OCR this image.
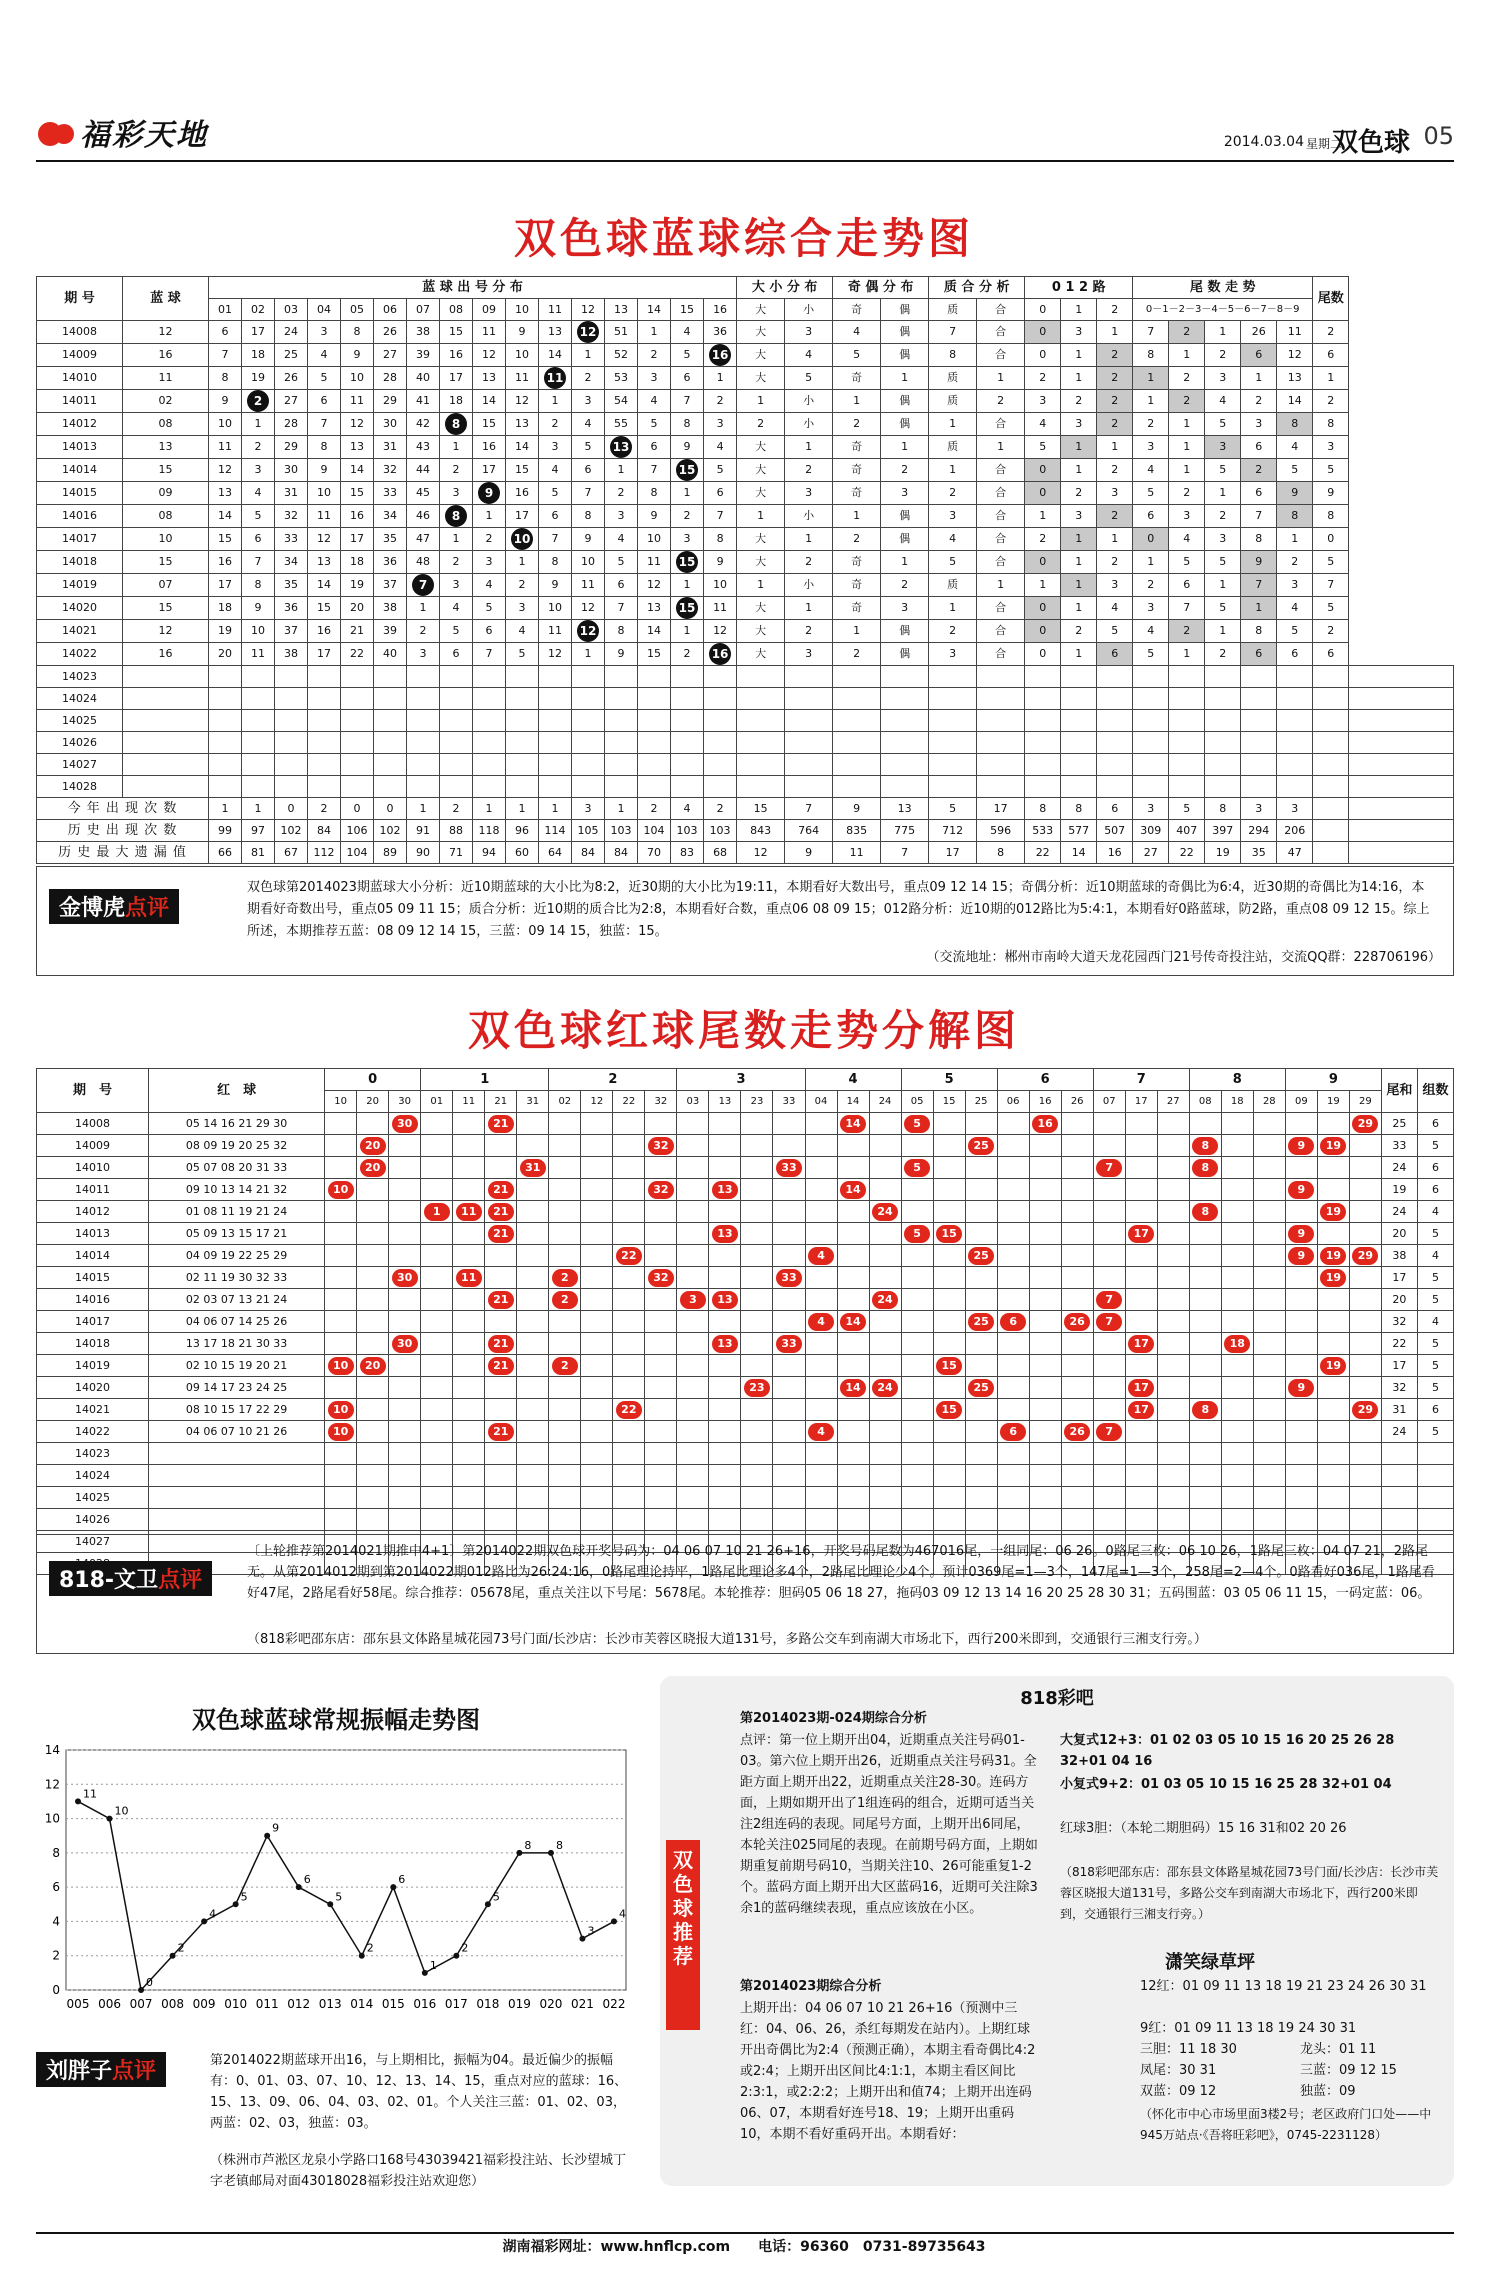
福彩天地	2014.03.04 星期二
双色球 05
双色球蓝球综合走势图
期 号	蓝 球	蓝 球 出 号 分 布																大 小 分 布		奇 偶 分 布		质 合 分 析		0 1 2 路			尾 数 走 势					尾数	
		01	02	03	04	05	06	07	08	09	10	11	12	13	14	15	16	大	小	奇	偶	质	合	0	1	2	0－1－2－3－4－5－6－7－8－9						
14008	12	6	17	24	3	8	26	38	15	11	9	13	12	51	1	4	36	大	3	4	偶	7	合	0	3	1	7	2	1	26	11	2	
14009	16	7	18	25	4	9	27	39	16	12	10	14	1	52	2	5	16	大	4	5	偶	8	合	0	1	2	8	1	2	6	12	6	
14010	11	8	19	26	5	10	28	40	17	13	11	11	2	53	3	6	1	大	5	奇	1	质	1	2	1	2	1	2	3	1	13	1	
14011	02	9	2	27	6	11	29	41	18	14	12	1	3	54	4	7	2	1	小	1	偶	质	2	3	2	2	1	2	4	2	14	2	
14012	08	10	1	28	7	12	30	42	8	15	13	2	4	55	5	8	3	2	小	2	偶	1	合	4	3	2	2	1	5	3	8	8	
14013	13	11	2	29	8	13	31	43	1	16	14	3	5	13	6	9	4	大	1	奇	1	质	1	5	1	1	3	1	3	6	4	3	
14014	15	12	3	30	9	14	32	44	2	17	15	4	6	1	7	15	5	大	2	奇	2	1	合	0	1	2	4	1	5	2	5	5	
14015	09	13	4	31	10	15	33	45	3	9	16	5	7	2	8	1	6	大	3	奇	3	2	合	0	2	3	5	2	1	6	9	9	
14016	08	14	5	32	11	16	34	46	8	1	17	6	8	3	9	2	7	1	小	1	偶	3	合	1	3	2	6	3	2	7	8	8	
14017	10	15	6	33	12	17	35	47	1	2	10	7	9	4	10	3	8	大	1	2	偶	4	合	2	1	1	0	4	3	8	1	0	
14018	15	16	7	34	13	18	36	48	2	3	1	8	10	5	11	15	9	大	2	奇	1	5	合	0	1	2	1	5	5	9	2	5	
14019	07	17	8	35	14	19	37	7	3	4	2	9	11	6	12	1	10	1	小	奇	2	质	1	1	1	3	2	6	1	7	3	7	
14020	15	18	9	36	15	20	38	1	4	5	3	10	12	7	13	15	11	大	1	奇	3	1	合	0	1	4	3	7	5	1	4	5	
14021	12	19	10	37	16	21	39	2	5	6	4	11	12	8	14	1	12	大	2	1	偶	2	合	0	2	5	4	2	1	8	5	2	
14022	16	20	11	38	17	22	40	3	6	7	5	12	1	9	15	2	16	大	3	2	偶	3	合	0	1	6	5	1	2	6	6	6	
14023																																	
14024																																	
14025																																	
14026																																	
14027																																	
14028																																	
今 年 出 现 次 数		1	1	0	2	0	0	1	2	1	1	1	3	1	2	4	2	15	7	9	13	5	17	8	8	6	3	5	8	3	3		
历 史 出 现 次 数		99	97	102	84	106	102	91	88	118	96	114	105	103	104	103	103	843	764	835	775	712	596	533	577	507	309	407	397	294	206		
历 史 最 大 遗 漏 值		66	81	67	112	104	89	90	71	94	60	64	84	84	70	83	68	12	9	11	7	17	8	22	14	16	27	22	19	35	47		
金博虎点评
双色球第2014023期蓝球大小分析：近10期蓝球的大小比为8:2，近30期的大小比为19:11，本期看好大数出号，重点09 12 14 15；奇偶分析：近10期蓝球的奇偶比为6:4，近30期的奇偶比为14:16，本期看好奇数出号，重点05 09 11 15；质合分析：近10期的质合比为2:8，本期看好合数，重点06 08 09 15；012路分析：近10期的012路比为5:4:1，本期看好0路蓝球，防2路，重点08 09 12 15。综上所述，本期推荐五蓝：08 09 12 14 15，三蓝：09 14 15，独蓝：15。
（交流地址：郴州市南岭大道天龙花园西门21号传奇投注站，交流QQ群：228706196）
双色球红球尾数走势分解图
期　号	红　球	0			1				2				3				4			5			6			7			8			9			尾和	组数
		10	20	30	01	11	21	31	02	12	22	32	03	13	23	33	04	14	24	05	15	25	06	16	26	07	17	27	08	18	28	09	19	29		
14008	05 14 16 21 29 30			30			21											14		5				16										29	25	6
14009	08 09 19 20 25 32		20									32										25							8			9	19		33	5
14010	05 07 08 20 31 33		20					31								33				5						7			8						24	6
14011	09 10 13 14 21 32	10					21					32		13				14														9			19	6
14012	01 08 11 19 21 24				1	11	21												24										8				19		24	4
14013	05 09 13 15 17 21						21							13						5	15						17					9			20	5
14014	04 09 19 22 25 29										22						4					25										9	19	29	38	4
14015	02 11 19 30 32 33			30		11			2			32				33																	19		17	5
14016	02 03 07 13 21 24						21		2				3	13					24							7									20	5
14017	04 06 07 14 25 26																4	14				25	6		26	7									32	4
14018	13 17 18 21 30 33			30			21							13		33											17			18					22	5
14019	02 10 15 19 20 21	10	20				21		2												15												19		17	5
14020	09 14 17 23 24 25														23			14	24			25					17					9			32	5
14021	08 10 15 17 22 29	10									22										15						17		8					29	31	6
14022	04 06 07 10 21 26	10					21										4						6		26	7									24	5
14023																																				
14024																																				
14025																																				
14026																																				
14027																																				

818-文卫点评
〔上轮推荐第2014021期推中4+1〕第2014022期双色球开奖号码为：04 06 07 10 21 26+16，开奖号码尾数为467016尾，一组同尾：06 26。0路尾三枚：06 10 26，1路尾三枚：04 07 21，2路尾无。从第2014012期到第2014022期012路比为26:24:16，0路尾理论持平，1路尾比理论多4个，2路尾比理论少4个。预计0369尾=1—3个，147尾=1—3个，258尾=2—4个。0路看好036尾，1路尾看好47尾，2路尾看好58尾。综合推荐：05678尾，重点关注以下号尾：5678尾。本轮推荐：胆码05 06 18 27，拖码03 09 12 13 14 16 20 25 28 30 31；五码围蓝：03 05 06 11 15，一码定蓝：06。
（818彩吧邵东店：邵东县文体路星城花园73号门面/长沙店：长沙市芙蓉区晓报大道131号，多路公交车到南湖大市场北下，西行200米即到，交通银行三湘支行旁。）
双色球蓝球常规振幅走势图
0
2
4
6
8
10
12
14
005 006 007 008 009 010 011 012 013 014 015 016 017 018 019 020 021 022
11
10
0
2
4
5
9
6
5
2
6
1
2
5
8 8
3
4
刘胖子点评	第2014022期蓝球开出16，与上期相比，振幅为04。最近偏少的振幅有：0、01、03、07、10、12、13、14、15，重点对应的蓝球：16、15、13、09、06、04、03、02、01。个人关注三蓝：01、02、03，两蓝：02、03，独蓝：03。
（株洲市芦淞区龙泉小学路口168号43039421福彩投注站、长沙望城丁字老镇邮局对面43018028福彩投注站欢迎您）
818彩吧
第2014023期-024期综合分析
点评：第一位上期开出04，近期重点关注号码01-03。第六位上期开出26，近期重点关注号码31。全距方面上期开出22，近期重点关注28-30。连码方面，上期如期开出了1组连码的组合，近期可适当关注2组连码的表现。同尾号方面，上期开出6同尾，本轮关注025同尾的表现。在前期号码方面，上期如期重复前期号码10，当期关注10、26可能重复1-2个。蓝码方面上期开出大区蓝码16，近期可关注除3余1的蓝码继续表现，重点应该放在小区。
大复式12+3：01 02 03 05 10 15 16 20 25 26 28 32+01 04 16
小复式9+2：01 03 05 10 15 16 25 28 32+01 04
红球3胆：（本轮二期胆码）15 16 31和02 20 26
（818彩吧邵东店：邵东县文体路星城花园73号门面/长沙店：长沙市芙蓉区晓报大道131号，多路公交车到南湖大市场北下，西行200米即到，交通银行三湘支行旁。）
潇笑绿草坪
第2014023期综合分析
上期开出：04 06 07 10 21 26+16（预测中三红：04、06、26，杀红每期发在站内）。上期红球开出奇偶比为2:4（预测正确），本期主看奇偶比4:2或2:4；上期开出区间比4:1:1，本期主看区间比2:3:1，或2:2:2；上期开出和值74；上期开出连码06、07，本期看好连号18、19；上期开出重码10，本期不看好重码开出。本期看好：
12红：01 09 11 13 18 19 21 23 24 26 30 31
9红：01 09 11 13 18 19 24 30 31
三胆：11 18 30	龙头：01 11
凤尾：30 31	三蓝：09 12 15
双蓝：09 12	独蓝：09
（怀化市中心市场里面3楼2号；老区政府门口处——中945万站点·《吾将旺彩吧》，0745-2231128）
双色球推荐
湖南福彩网址：www.hnflcp.com　　电话：96360　0731-89735643
